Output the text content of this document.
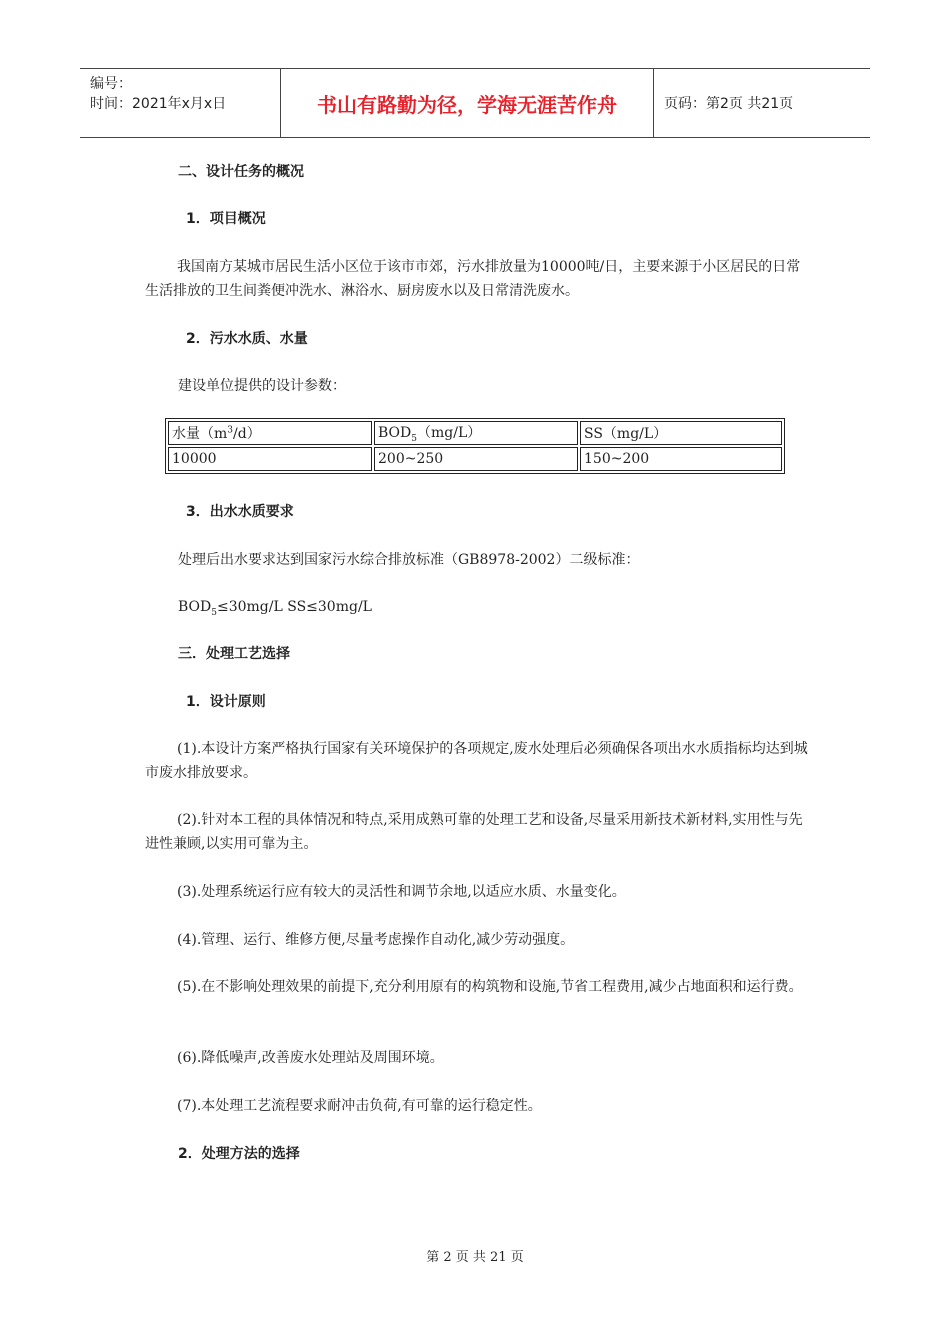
编号：
时间：2021年x月x日	书山有路勤为径，学海无涯苦作舟	页码：第2页 共21页
二、设计任务的概况
1．项目概况
我国南方某城市居民生活小区位于该市市郊，污水排放量为10000吨/日，主要来源于小区居民的日常生活排放的卫生间粪便冲洗水、淋浴水、厨房废水以及日常清洗废水。
2．污水水质、水量
建设单位提供的设计参数：
水量$(m^3/d)$	$BOD_5(mg/L)$	SS（mg/L）
10000	200~250	150~200
3．出水水质要求
处理后出水要求达到国家污水综合排放标准（GB8978-2002）二级标准：
$BOD_5\le 30mg/L$ SS≤30mg/L
三．处理工艺选择
1．设计原则
(1).本设计方案严格执行国家有关环境保护的各项规定,废水处理后必须确保各项出水水质指标均达到城市废水排放要求。
(2).针对本工程的具体情况和特点,采用成熟可靠的处理工艺和设备,尽量采用新技术新材料,实用性与先进性兼顾,以实用可靠为主。
(3).处理系统运行应有较大的灵活性和调节余地,以适应水质、水量变化。
(4).管理、运行、维修方便,尽量考虑操作自动化,减少劳动强度。
(5).在不影响处理效果的前提下,充分利用原有的构筑物和设施,节省工程费用,减少占地面积和运行费。
(6).降低噪声,改善废水处理站及周围环境。
(7).本处理工艺流程要求耐冲击负荷,有可靠的运行稳定性。
2．处理方法的选择
第 2 页 共 21 页
